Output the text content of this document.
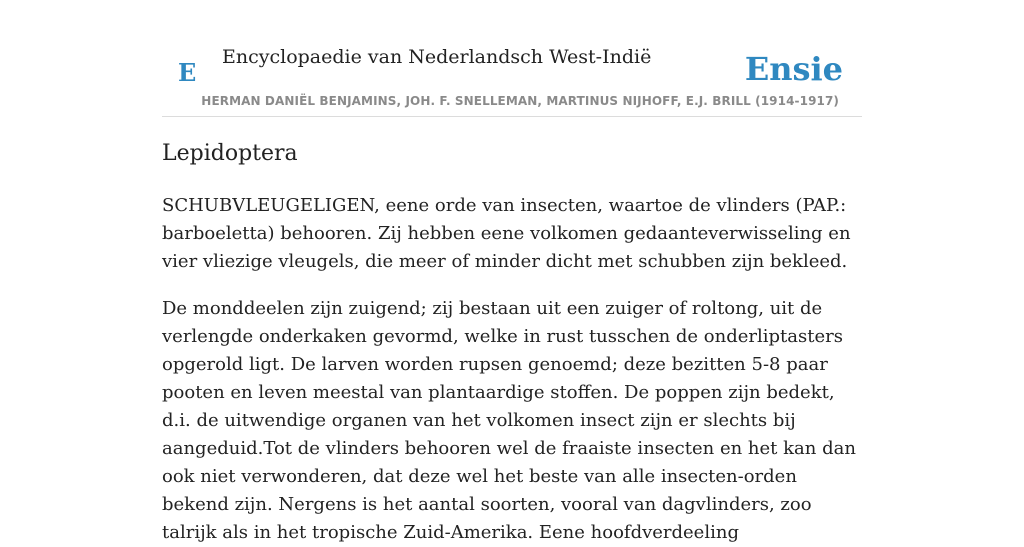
E
Encyclopaedie van Nederlandsch West-Indië	Ensie
HERMAN DANIËL BENJAMINS, JOH. F. SNELLEMAN, MARTINUS NIJHOFF, E.J. BRILL (1914-1917)
Lepidoptera

SCHUBVLEUGELIGEN, eene orde van insecten, waartoe de vlinders (PAP.: barboeletta) behooren. Zij hebben eene volkomen gedaanteverwisseling en vier vliezige vleugels, die meer of minder dicht met schubben zijn bekleed.

De monddeelen zijn zuigend; zij bestaan uit een zuiger of roltong, uit de verlengde onderkaken gevormd, welke in rust tusschen de onderliptasters opgerold ligt. De larven worden rupsen genoemd; deze bezitten 5-8 paar pooten en leven meestal van plantaardige stoffen. De poppen zijn bedekt, d.i. de uitwendige organen van het volkomen insect zijn er slechts bij aangeduid.Tot de vlinders behooren wel de fraaiste insecten en het kan dan ook niet verwonderen, dat deze wel het beste van alle insecten-orden bekend zijn. Nergens is het aantal soorten, vooral van dagvlinders, zoo talrijk als in het tropische Zuid-Amerika. Eene hoofdverdeeling
